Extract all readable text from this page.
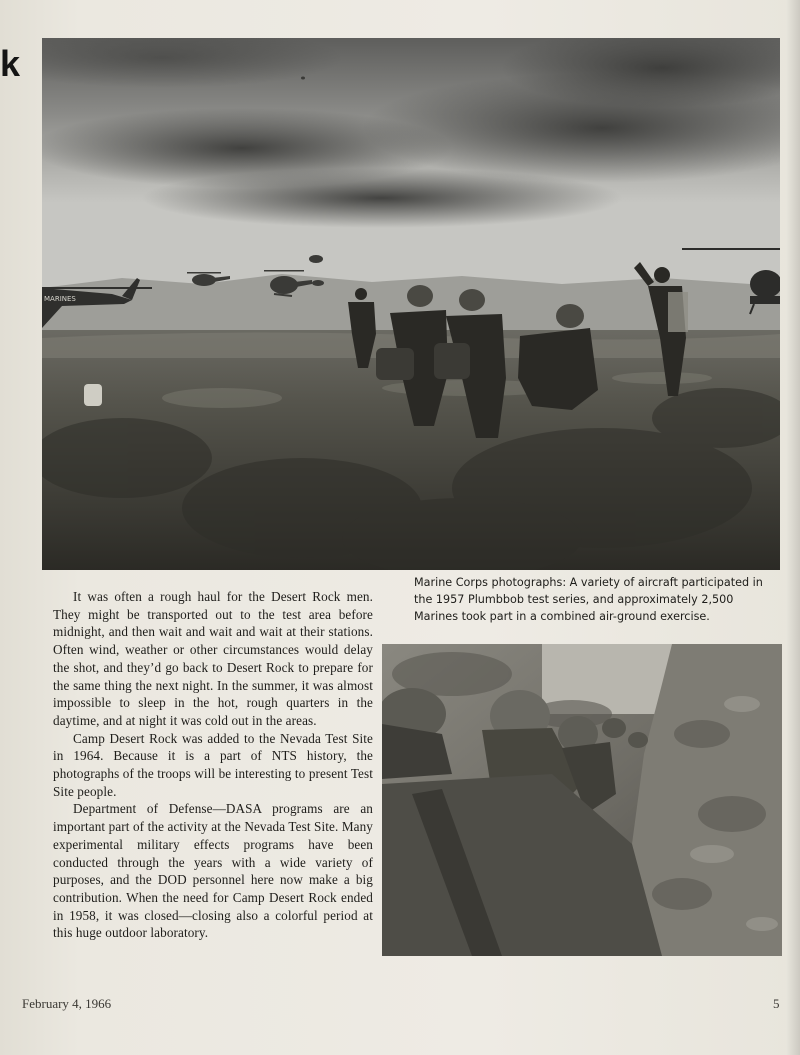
k
MARINES
Marine Corps photographs: A variety of aircraft participated in the 1957 Plumbbob test series, and approximately 2,500 Marines took part in a combined air-ground exercise.

It was often a rough haul for the Desert Rock men. They might be transported out to the test area before midnight, and then wait and wait and wait at their stations. Often wind, weather or other circumstances would delay the shot, and they’d go back to Desert Rock to prepare for the same thing the next night. In the summer, it was almost impossible to sleep in the hot, rough quarters in the daytime, and at night it was cold out in the areas.

Camp Desert Rock was added to the Nevada Test Site in 1964. Because it is a part of NTS history, the photographs of the troops will be interesting to present Test Site people.

Department of Defense—DASA programs are an important part of the activity at the Nevada Test Site. Many experimental military effects programs have been conducted through the years with a wide variety of purposes, and the DOD personnel here now make a big contribution. When the need for Camp Desert Rock ended in 1958, it was closed—closing also a colorful period at this huge outdoor laboratory.

February 4, 1966	5
